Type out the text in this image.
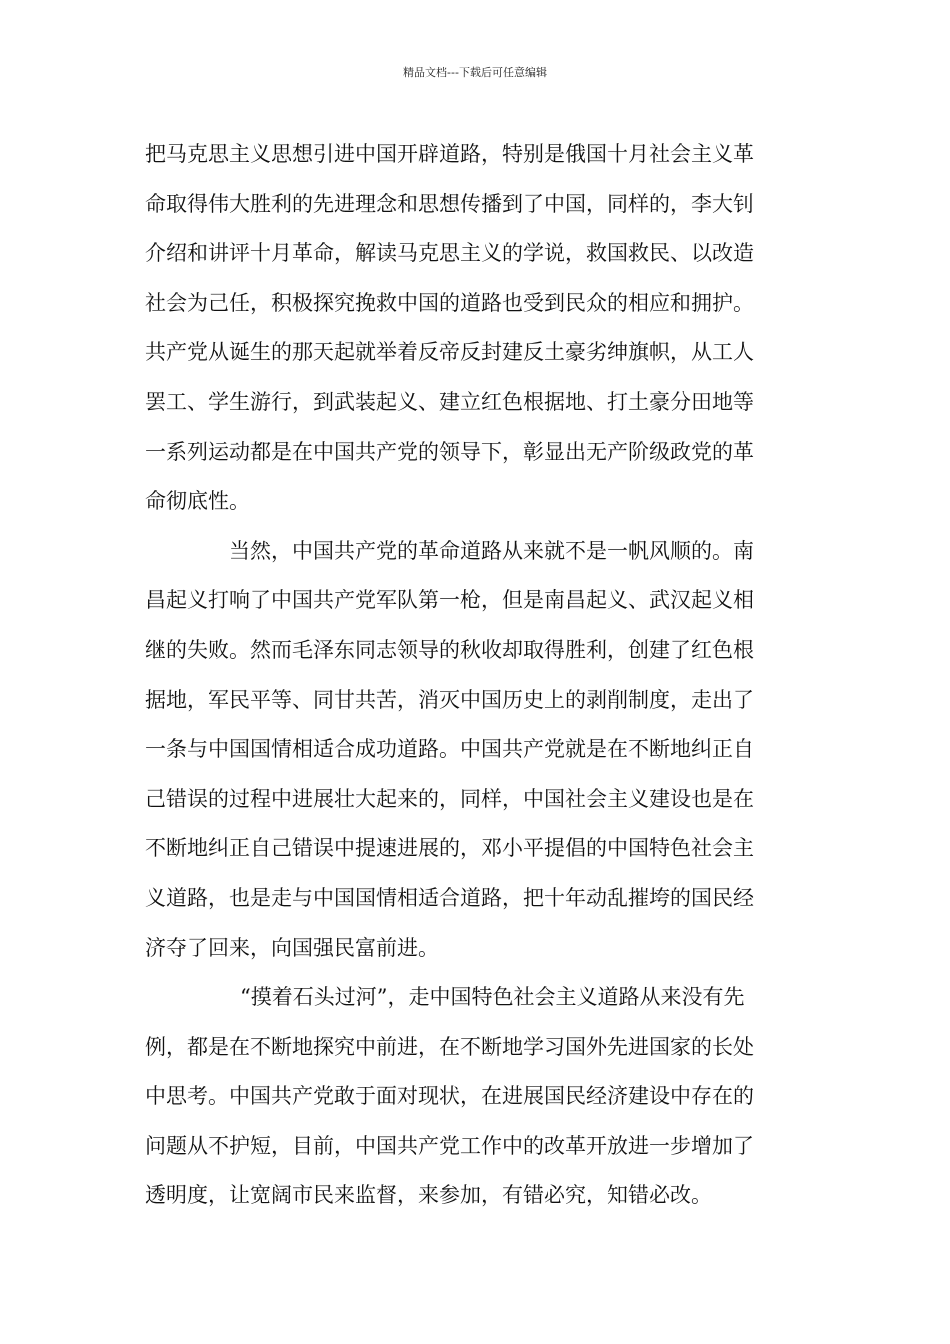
精品文档---下载后可任意编辑
把马克思主义思想引进中国开辟道路，特别是俄国十月社会主义革
命取得伟大胜利的先进理念和思想传播到了中国，同样的，李大钊
介绍和讲评十月革命，解读马克思主义的学说，救国救民、以改造
社会为己任，积极探究挽救中国的道路也受到民众的相应和拥护。
共产党从诞生的那天起就举着反帝反封建反土豪劣绅旗帜，从工人
罢工、学生游行，到武装起义、建立红色根据地、打土豪分田地等
一系列运动都是在中国共产党的领导下，彰显出无产阶级政党的革
命彻底性。
当然，中国共产党的革命道路从来就不是一帆风顺的。南
昌起义打响了中国共产党军队第一枪，但是南昌起义、武汉起义相
继的失败。然而毛泽东同志领导的秋收却取得胜利，创建了红色根
据地，军民平等、同甘共苦，消灭中国历史上的剥削制度，走出了
一条与中国国情相适合成功道路。中国共产党就是在不断地纠正自
己错误的过程中进展壮大起来的，同样，中国社会主义建设也是在
不断地纠正自己错误中提速进展的，邓小平提倡的中国特色社会主
义道路，也是走与中国国情相适合道路，把十年动乱摧垮的国民经
济夺了回来，向国强民富前进。
“摸着石头过河”，走中国特色社会主义道路从来没有先
例，都是在不断地探究中前进，在不断地学习国外先进国家的长处
中思考。中国共产党敢于面对现状，在进展国民经济建设中存在的
问题从不护短，目前，中国共产党工作中的改革开放进一步增加了
透明度，让宽阔市民来监督，来参加，有错必究，知错必改。
